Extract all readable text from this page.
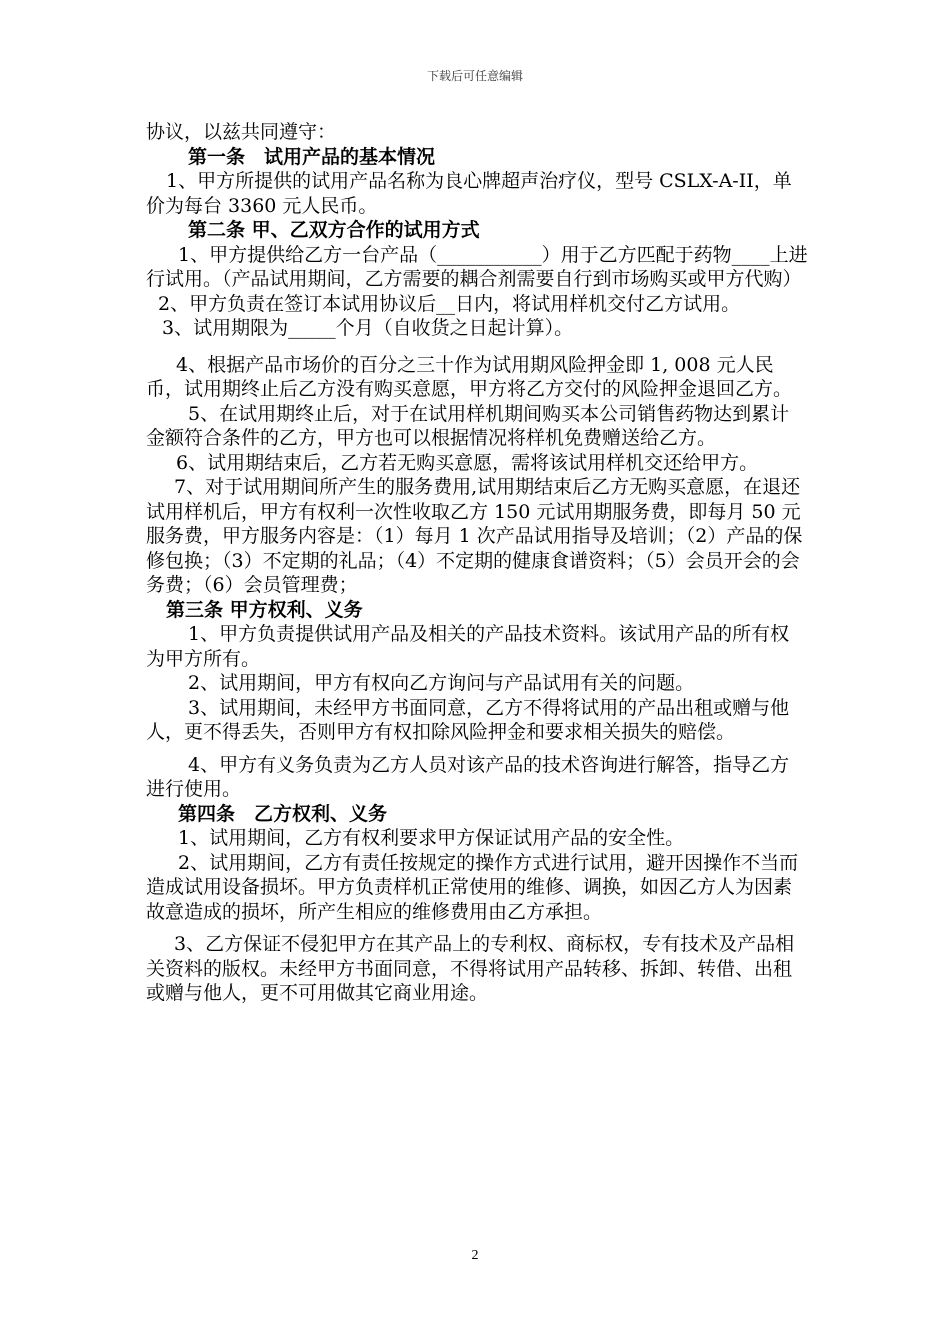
下载后可任意编辑

协议，以兹共同遵守：

第一条　试用产品的基本情况

1、甲方所提供的试用产品名称为良心牌超声治疗仪，型号 CSLX-A-II，单价为每台 3360 元人民币。

第二条 甲、乙双方合作的试用方式

1、甲方提供给乙方一台产品（___________）用于乙方匹配于药物____上进行试用。（产品试用期间，乙方需要的耦合剂需要自行到市场购买或甲方代购）

2、甲方负责在签订本试用协议后__日内，将试用样机交付乙方试用。

3、试用期限为_____个月（自收货之日起计算）。

4、根据产品市场价的百分之三十作为试用期风险押金即 1, 008 元人民币，试用期终止后乙方没有购买意愿，甲方将乙方交付的风险押金退回乙方。

5、在试用期终止后，对于在试用样机期间购买本公司销售药物达到累计金额符合条件的乙方，甲方也可以根据情况将样机免费赠送给乙方。

6、试用期结束后，乙方若无购买意愿，需将该试用样机交还给甲方。

7、对于试用期间所产生的服务费用,试用期结束后乙方无购买意愿，在退还试用样机后，甲方有权利一次性收取乙方 150 元试用期服务费，即每月 50 元服务费，甲方服务内容是：（1）每月 1 次产品试用指导及培训；（2）产品的保修包换；（3）不定期的礼品；（4）不定期的健康食谱资料；（5）会员开会的会务费；（6）会员管理费；

第三条 甲方权利、义务

1、甲方负责提供试用产品及相关的产品技术资料。该试用产品的所有权为甲方所有。

2、试用期间，甲方有权向乙方询问与产品试用有关的问题。

3、试用期间，未经甲方书面同意，乙方不得将试用的产品出租或赠与他人，更不得丢失，否则甲方有权扣除风险押金和要求相关损失的赔偿。

4、甲方有义务负责为乙方人员对该产品的技术咨询进行解答，指导乙方进行使用。

第四条　乙方权利、义务

1、试用期间，乙方有权利要求甲方保证试用产品的安全性。

2、试用期间，乙方有责任按规定的操作方式进行试用，避开因操作不当而造成试用设备损坏。甲方负责样机正常使用的维修、调换，如因乙方人为因素故意造成的损坏，所产生相应的维修费用由乙方承担。

3、乙方保证不侵犯甲方在其产品上的专利权、商标权，专有技术及产品相关资料的版权。未经甲方书面同意，不得将试用产品转移、拆卸、转借、出租或赠与他人，更不可用做其它商业用途。

2
